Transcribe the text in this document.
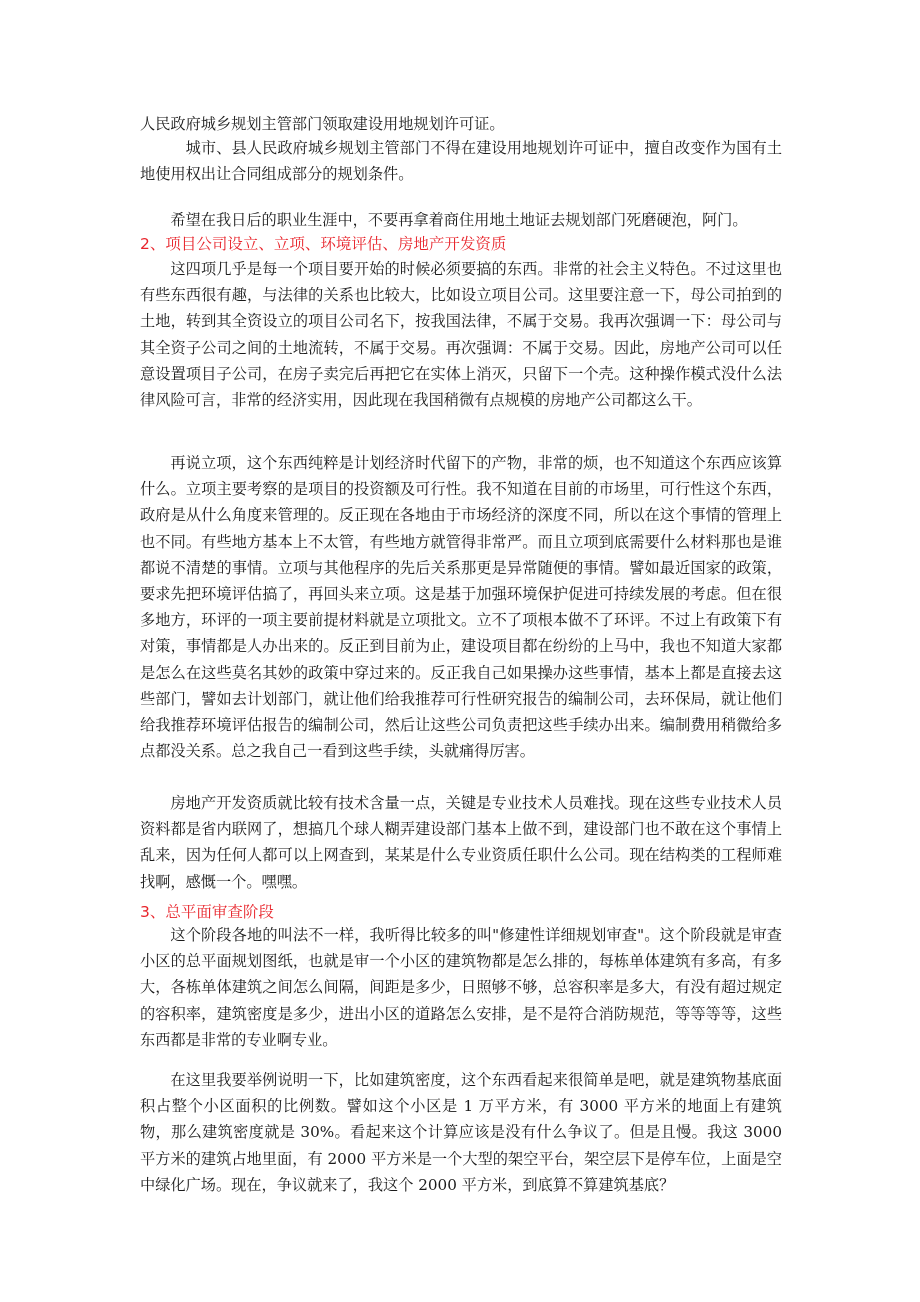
人民政府城乡规划主管部门领取建设用地规划许可证。

城市、县人民政府城乡规划主管部门不得在建设用地规划许可证中，擅自改变作为国有土地使用权出让合同组成部分的规划条件。

希望在我日后的职业生涯中，不要再拿着商住用地土地证去规划部门死磨硬泡，阿门。

2、项目公司设立、立项、环境评估、房地产开发资质

这四项几乎是每一个项目要开始的时候必须要搞的东西。非常的社会主义特色。不过这里也有些东西很有趣，与法律的关系也比较大，比如设立项目公司。这里要注意一下，母公司拍到的土地，转到其全资设立的项目公司名下，按我国法律，不属于交易。我再次强调一下：母公司与其全资子公司之间的土地流转，不属于交易。再次强调：不属于交易。因此，房地产公司可以任意设置项目子公司，在房子卖完后再把它在实体上消灭，只留下一个壳。这种操作模式没什么法律风险可言，非常的经济实用，因此现在我国稍微有点规模的房地产公司都这么干。

再说立项，这个东西纯粹是计划经济时代留下的产物，非常的烦，也不知道这个东西应该算什么。立项主要考察的是项目的投资额及可行性。我不知道在目前的市场里，可行性这个东西，政府是从什么角度来管理的。反正现在各地由于市场经济的深度不同，所以在这个事情的管理上也不同。有些地方基本上不太管，有些地方就管得非常严。而且立项到底需要什么材料那也是谁都说不清楚的事情。立项与其他程序的先后关系那更是异常随便的事情。譬如最近国家的政策，要求先把环境评估搞了，再回头来立项。这是基于加强环境保护促进可持续发展的考虑。但在很多地方，环评的一项主要前提材料就是立项批文。立不了项根本做不了环评。不过上有政策下有对策，事情都是人办出来的。反正到目前为止，建设项目都在纷纷的上马中，我也不知道大家都是怎么在这些莫名其妙的政策中穿过来的。反正我自己如果操办这些事情，基本上都是直接去这些部门，譬如去计划部门，就让他们给我推荐可行性研究报告的编制公司，去环保局，就让他们给我推荐环境评估报告的编制公司，然后让这些公司负责把这些手续办出来。编制费用稍微给多点都没关系。总之我自己一看到这些手续，头就痛得厉害。

房地产开发资质就比较有技术含量一点，关键是专业技术人员难找。现在这些专业技术人员资料都是省内联网了，想搞几个球人糊弄建设部门基本上做不到，建设部门也不敢在这个事情上乱来，因为任何人都可以上网查到，某某是什么专业资质任职什么公司。现在结构类的工程师难找啊，感慨一个。嘿嘿。

3、总平面审查阶段

这个阶段各地的叫法不一样，我听得比较多的叫"修建性详细规划审查"。这个阶段就是审查小区的总平面规划图纸，也就是审一个小区的建筑物都是怎么排的，每栋单体建筑有多高，有多大，各栋单体建筑之间怎么间隔，间距是多少，日照够不够，总容积率是多大，有没有超过规定的容积率，建筑密度是多少，进出小区的道路怎么安排，是不是符合消防规范，等等等等，这些东西都是非常的专业啊专业。

在这里我要举例说明一下，比如建筑密度，这个东西看起来很简单是吧，就是建筑物基底面积占整个小区面积的比例数。譬如这个小区是 1 万平方米，有 3000 平方米的地面上有建筑物，那么建筑密度就是 30%。看起来这个计算应该是没有什么争议了。但是且慢。我这 3000 平方米的建筑占地里面，有 2000 平方米是一个大型的架空平台，架空层下是停车位，上面是空中绿化广场。现在，争议就来了，我这个 2000 平方米，到底算不算建筑基底？
